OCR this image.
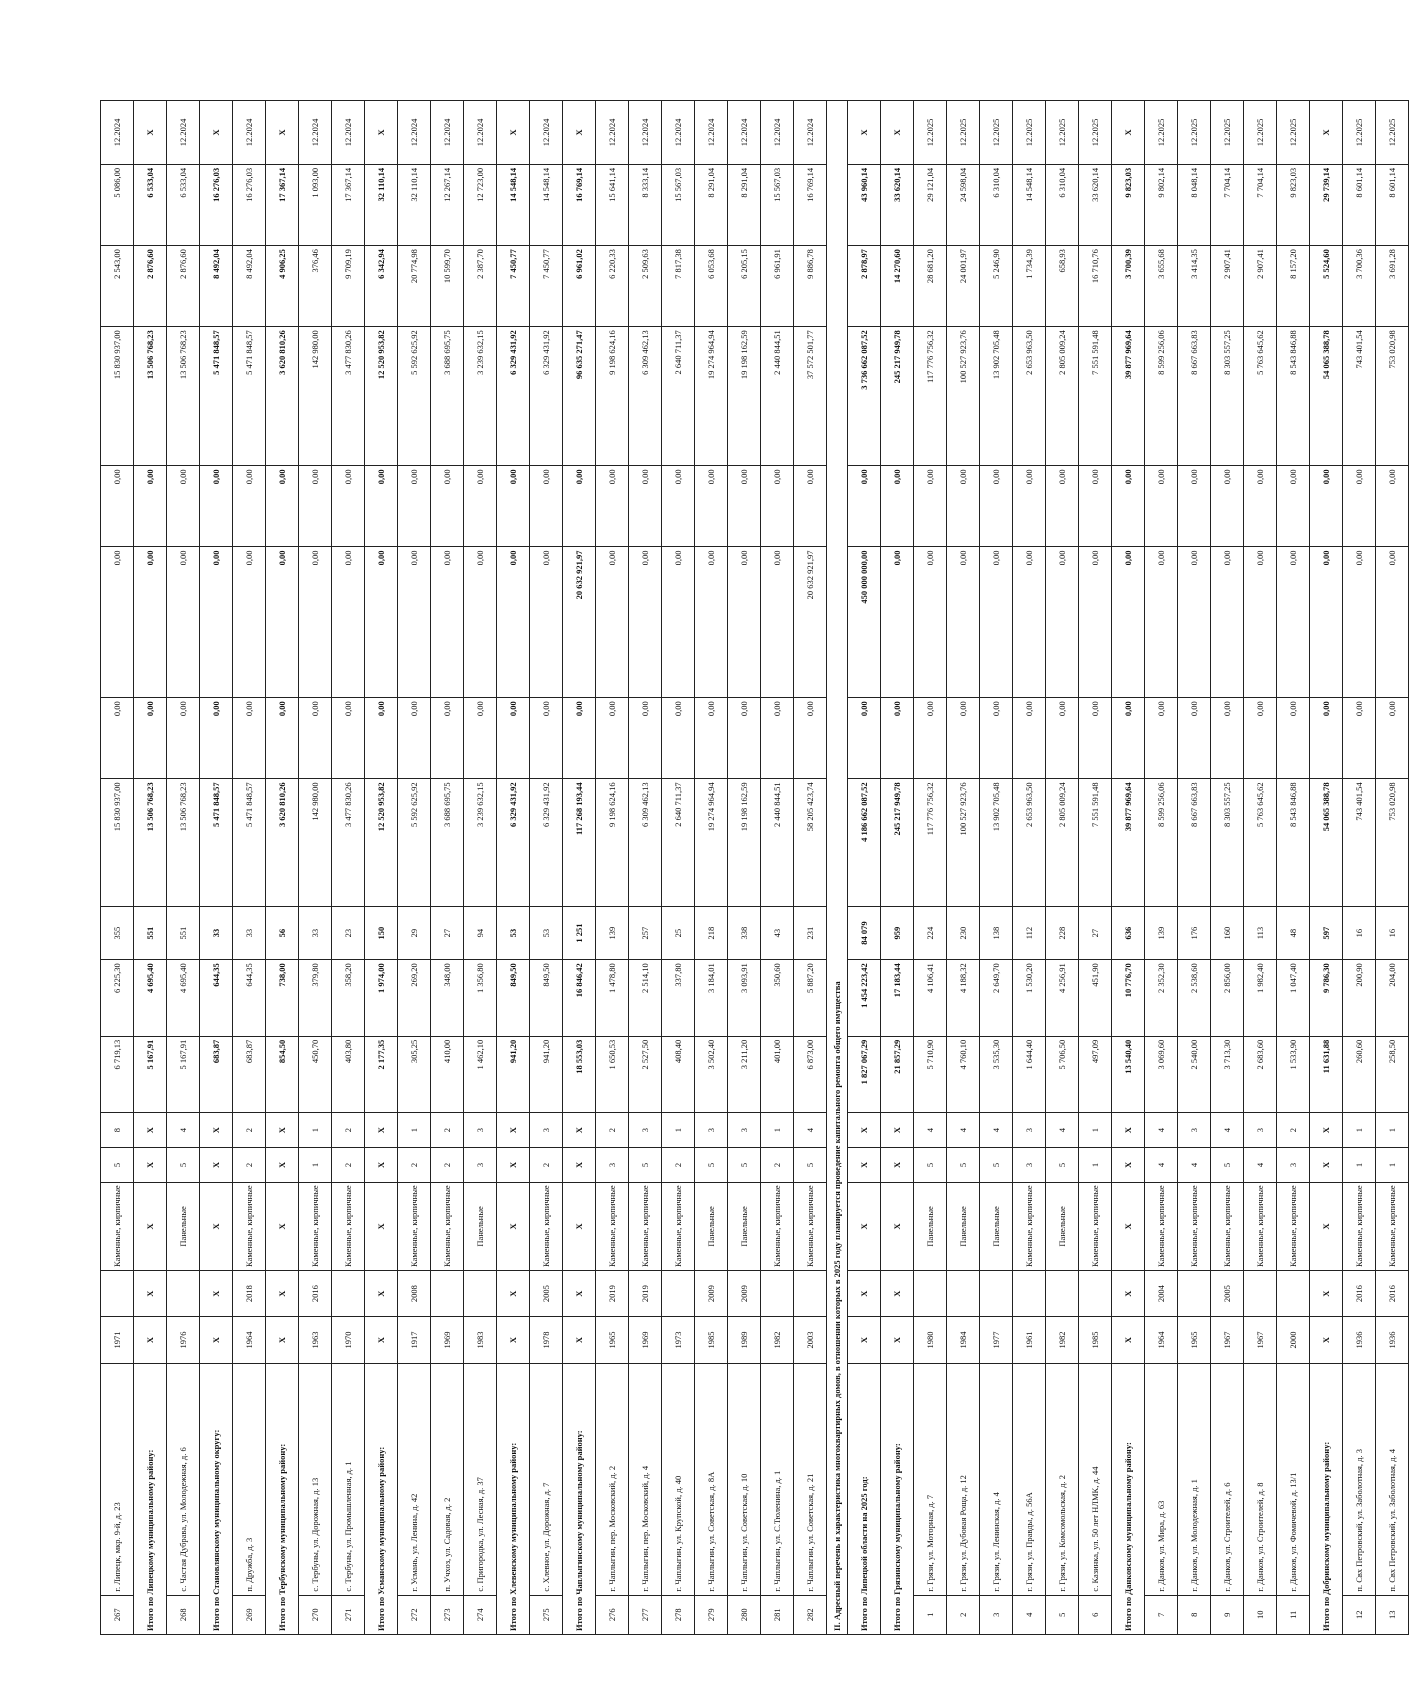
267	г. Липецк, мкр. 9-й, д. 23	1971		Каменные, кирпичные	5	8	6 719,13	6 225,30	355	15 830 937,00	0,00	0,00	0,00	15 830 937,00	2 543,00	5 086,00	12.2024
Итого по Липецкому муниципальному району:		X	X	X	X	X	5 167,91	4 695,40	551	13 506 768,23	0,00	0,00	0,00	13 506 768,23	2 876,60	6 533,04	X
268	с. Частая Дубрава, ул. Молодежная, д. 6	1976		Панельные	5	4	5 167,91	4 695,40	551	13 506 768,23	0,00	0,00	0,00	13 506 768,23	2 876,60	6 533,04	12.2024
Итого по Становлянскому муниципальному округу:		X	X	X	X	X	683,87	644,35	33	5 471 848,57	0,00	0,00	0,00	5 471 848,57	8 492,04	16 276,03	X
269	п. Дружба, д. 3	1964	2018	Каменные, кирпичные	2	2	683,87	644,35	33	5 471 848,57	0,00	0,00	0,00	5 471 848,57	8 492,04	16 276,03	12.2024
Итого по Тербунскому муниципальному району:		X	X	X	X	X	854,50	738,00	56	3 620 810,26	0,00	0,00	0,00	3 620 810,26	4 906,25	17 367,14	X
270	с. Тербуны, ул. Дорожная, д. 13	1963	2016	Каменные, кирпичные	1	1	450,70	379,80	33	142 980,00	0,00	0,00	0,00	142 980,00	376,46	1 093,00	12.2024
271	с. Тербуны, ул. Промышленная, д. 1	1970		Каменные, кирпичные	2	2	403,80	358,20	23	3 477 830,26	0,00	0,00	0,00	3 477 830,26	9 709,19	17 367,14	12.2024
Итого по Усманскому муниципальному району:		X	X	X	X	X	2 177,35	1 974,00	150	12 520 953,82	0,00	0,00	0,00	12 520 953,82	6 342,94	32 110,14	X
272	г. Усмань, ул. Ленина, д. 42	1917	2008	Каменные, кирпичные	2	1	305,25	269,20	29	5 592 625,92	0,00	0,00	0,00	5 592 625,92	20 774,98	32 110,14	12.2024
273	п. Учхоз, ул. Садовая, д. 2	1969		Каменные, кирпичные	2	2	410,00	348,00	27	3 688 695,75	0,00	0,00	0,00	3 688 695,75	10 599,70	12 267,14	12.2024
274	с. Пригородка, ул. Лесная, д. 37	1983		Панельные	3	3	1 462,10	1 356,80	94	3 239 632,15	0,00	0,00	0,00	3 239 632,15	2 387,70	12 723,00	12.2024
Итого по Хлевенскому муниципальному району:		X	X	X	X	X	941,20	849,50	53	6 329 431,92	0,00	0,00	0,00	6 329 431,92	7 450,77	14 548,14	X
275	с. Хлевное, ул. Дорожная, д. 7	1978	2005	Каменные, кирпичные	2	3	941,20	849,50	53	6 329 431,92	0,00	0,00	0,00	6 329 431,92	7 450,77	14 548,14	12.2024
Итого по Чаплыгинскому муниципальному району:		X	X	X	X	X	18 553,03	16 846,42	1 251	117 268 193,44	0,00	20 632 921,97	0,00	96 635 271,47	6 961,02	16 769,14	X
276	г. Чаплыгин, пер. Московский, д. 2	1965	2019	Каменные, кирпичные	3	2	1 650,53	1 478,80	139	9 198 624,16	0,00	0,00	0,00	9 198 624,16	6 220,33	15 641,14	12.2024
277	г. Чаплыгин, пер. Московский, д. 4	1969	2019	Каменные, кирпичные	5	3	2 527,50	2 514,10	257	6 309 462,13	0,00	0,00	0,00	6 309 462,13	2 509,63	8 333,14	12.2024
278	г. Чаплыгин, ул. Крупской, д. 40	1973		Каменные, кирпичные	2	1	408,40	337,80	25	2 640 711,37	0,00	0,00	0,00	2 640 711,37	7 817,38	15 567,03	12.2024
279	г. Чаплыгин, ул. Советская, д. 8А	1985	2009	Панельные	5	3	3 502,40	3 184,01	218	19 274 964,94	0,00	0,00	0,00	19 274 964,94	6 053,68	8 291,04	12.2024
280	г. Чаплыгин, ул. Советская, д. 10	1989	2009	Панельные	5	3	3 211,20	3 093,91	338	19 198 162,59	0,00	0,00	0,00	19 198 162,59	6 205,15	8 291,04	12.2024
281	г. Чаплыгин, ул. С.Тюленина, д. 1	1982		Каменные, кирпичные	2	1	401,00	350,60	43	2 440 844,51	0,00	0,00	0,00	2 440 844,51	6 961,91	15 567,03	12.2024
282	г. Чаплыгин, ул. Советская, д. 21	2003		Каменные, кирпичные	5	4	6 873,00	5 887,20	231	58 205 423,74	0,00	20 632 921,97	0,00	37 572 501,77	9 886,78	16 769,14	12.2024
II. Адресный перечень и характеристика многоквартирных домов, в отношении которых в 2025 году планируется проведение капитального ремонта общего имущества																	
Итого по Липецкой области на 2025 год:		X	X	X	X	X	1 827 067,29	1 454 223,42	84 079	4 186 662 087,52	0,00	450 000 000,00	0,00	3 736 662 087,52	2 878,97	43 960,14	X
Итого по Грязинскому муниципальному району:		X	X	X	X	X	21 857,29	17 183,44	959	245 217 949,78	0,00	0,00	0,00	245 217 949,78	14 270,60	33 620,14	X
1	г. Грязи, ул. Моторная, д. 7	1980		Панельные	5	4	5 710,90	4 106,41	224	117 776 756,32	0,00	0,00	0,00	117 776 756,32	28 681,20	29 121,04	12.2025
2	г. Грязи, ул. Дубовая Роща, д. 12	1984		Панельные	5	4	4 760,10	4 188,32	230	100 527 923,76	0,00	0,00	0,00	100 527 923,76	24 001,97	24 598,04	12.2025
3	г. Грязи, ул. Ленинская, д. 4	1977		Панельные	5	4	3 535,30	2 649,70	138	13 902 705,48	0,00	0,00	0,00	13 902 705,48	5 246,90	6 310,04	12.2025
4	г. Грязи, ул. Правды, д. 56А	1961		Каменные, кирпичные	3	3	1 644,40	1 530,20	112	2 653 963,50	0,00	0,00	0,00	2 653 963,50	1 734,39	14 548,14	12.2025
5	г. Грязи, ул. Комсомольская, д. 2	1982		Панельные	5	4	5 706,50	4 256,91	228	2 805 009,24	0,00	0,00	0,00	2 805 009,24	658,93	6 310,04	12.2025
6	с. Казинка, ул. 50 лет НЛМК, д. 44	1985		Каменные, кирпичные	1	1	497,09	451,90	27	7 551 591,48	0,00	0,00	0,00	7 551 591,48	16 710,76	33 620,14	12.2025
Итого по Данковскому муниципальному району:		X	X	X	X	X	13 540,40	10 776,70	636	39 877 969,64	0,00	0,00	0,00	39 877 969,64	3 700,39	9 823,03	X
7	г. Данков, ул. Мира, д. 63	1964	2004	Каменные, кирпичные	4	4	3 069,60	2 352,30	139	8 599 256,06	0,00	0,00	0,00	8 599 256,06	3 655,68	9 802,14	12.2025
8	г. Данков, ул. Молодежная, д. 1	1965		Каменные, кирпичные	4	3	2 540,00	2 538,60	176	8 667 663,83	0,00	0,00	0,00	8 667 663,83	3 414,35	8 048,14	12.2025
9	г. Данков, ул. Строителей, д. 6	1967	2005	Каменные, кирпичные	5	4	3 713,30	2 856,00	160	8 303 557,25	0,00	0,00	0,00	8 303 557,25	2 907,41	7 704,14	12.2025
10	г. Данков, ул. Строителей, д. 8	1967		Каменные, кирпичные	4	3	2 683,60	1 982,40	113	5 763 645,62	0,00	0,00	0,00	5 763 645,62	2 907,41	7 704,14	12.2025
11	г. Данков, ул. Фомичевой, д. 13/1	2000		Каменные, кирпичные	3	2	1 533,90	1 047,40	48	8 543 846,88	0,00	0,00	0,00	8 543 846,88	8 157,20	9 823,03	12.2025
Итого по Добринскому муниципальному району:		X	X	X	X	X	11 631,88	9 786,30	597	54 065 388,78	0,00	0,00	0,00	54 065 388,78	5 524,60	29 739,14	X
12	п. Свх Петровский, ул. Заболотная, д. 3	1936	2016	Каменные, кирпичные	1	1	260,60	200,90	16	743 401,54	0,00	0,00	0,00	743 401,54	3 700,36	8 601,14	12.2025
13	п. Свх Петровский, ул. Заболотная, д. 4	1936	2016	Каменные, кирпичные	1	1	258,50	204,00	16	753 020,98	0,00	0,00	0,00	753 020,98	3 691,28	8 601,14	12.2025
